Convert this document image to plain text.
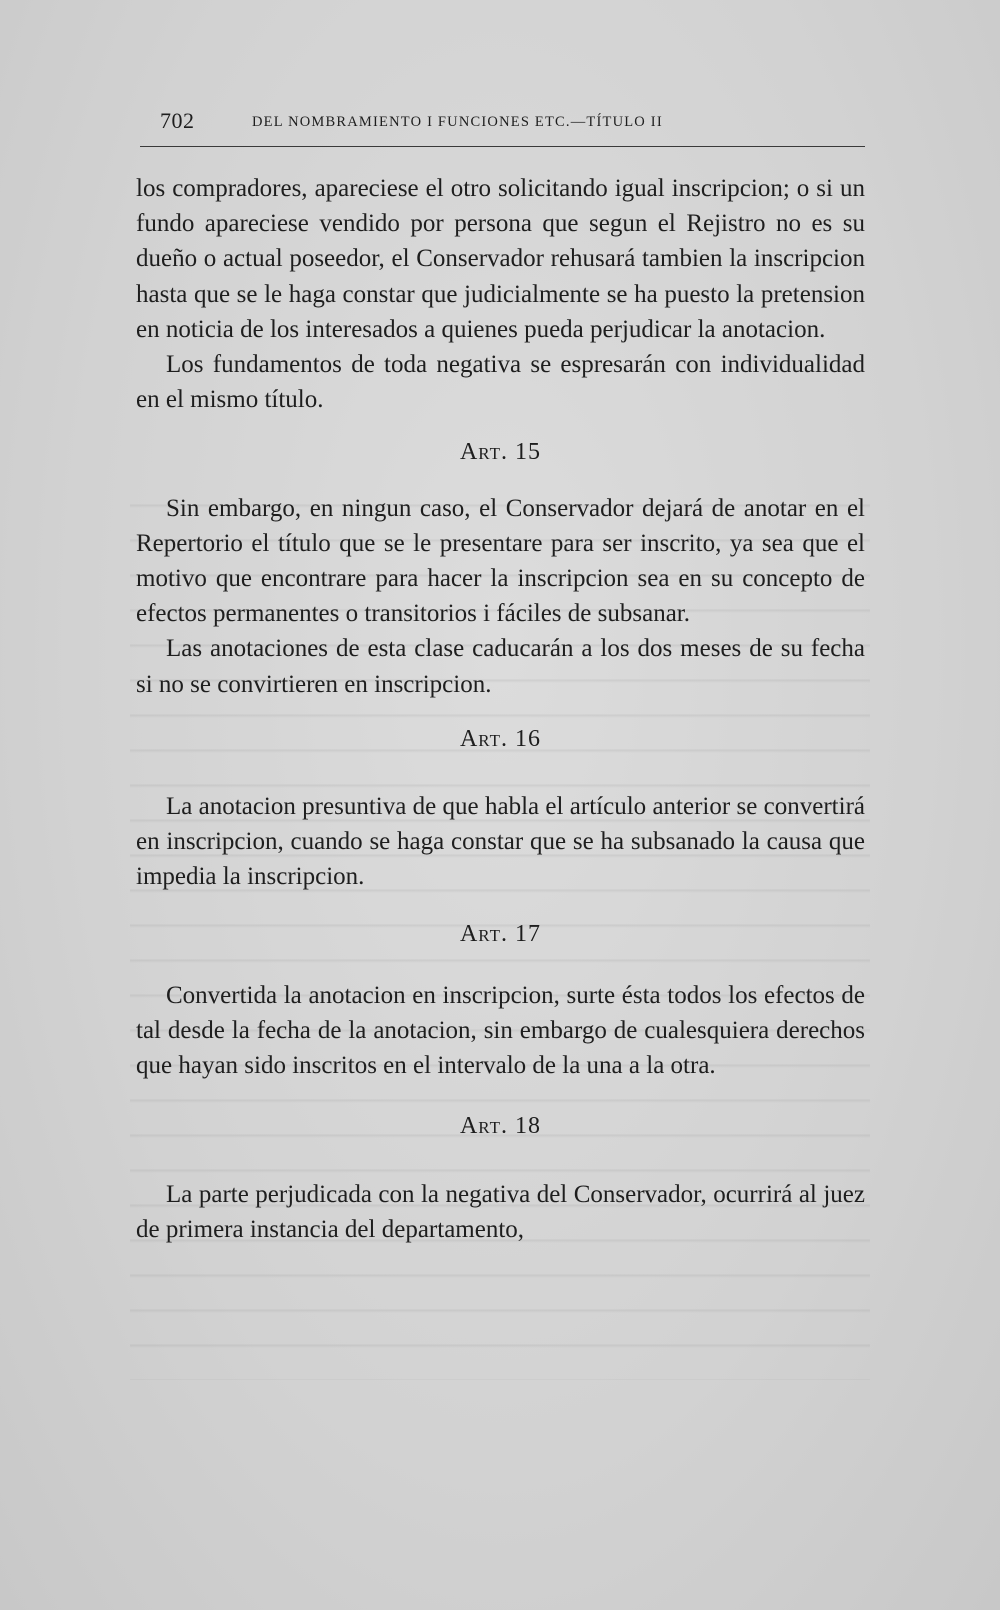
702	DEL NOMBRAMIENTO I FUNCIONES ETC.—TÍTULO II

los compradores, apareciese el otro solicitando igual inscripcion; o si un fundo apareciese vendido por persona que segun el Rejistro no es su dueño o actual poseedor, el Conservador rehusará tambien la inscripcion hasta que se le haga constar que judicialmente se ha puesto la pretension en noticia de los interesados a quienes pueda perjudicar la anotacion.

Los fundamentos de toda negativa se espresarán con individualidad en el mismo título.

Art. 15

Sin embargo, en ningun caso, el Conservador dejará de anotar en el Repertorio el título que se le presentare para ser inscrito, ya sea que el motivo que encontrare para hacer la inscripcion sea en su concepto de efectos permanentes o transitorios i fáciles de subsanar.

Las anotaciones de esta clase caducarán a los dos meses de su fecha si no se convirtieren en inscripcion.

Art. 16

La anotacion presuntiva de que habla el artículo anterior se convertirá en inscripcion, cuando se haga constar que se ha subsanado la causa que impedia la inscripcion.

Art. 17

Convertida la anotacion en inscripcion, surte ésta todos los efectos de tal desde la fecha de la anotacion, sin embargo de cualesquiera derechos que hayan sido inscritos en el intervalo de la una a la otra.

Art. 18

La parte perjudicada con la negativa del Conservador, ocurrirá al juez de primera instancia del departamento,
